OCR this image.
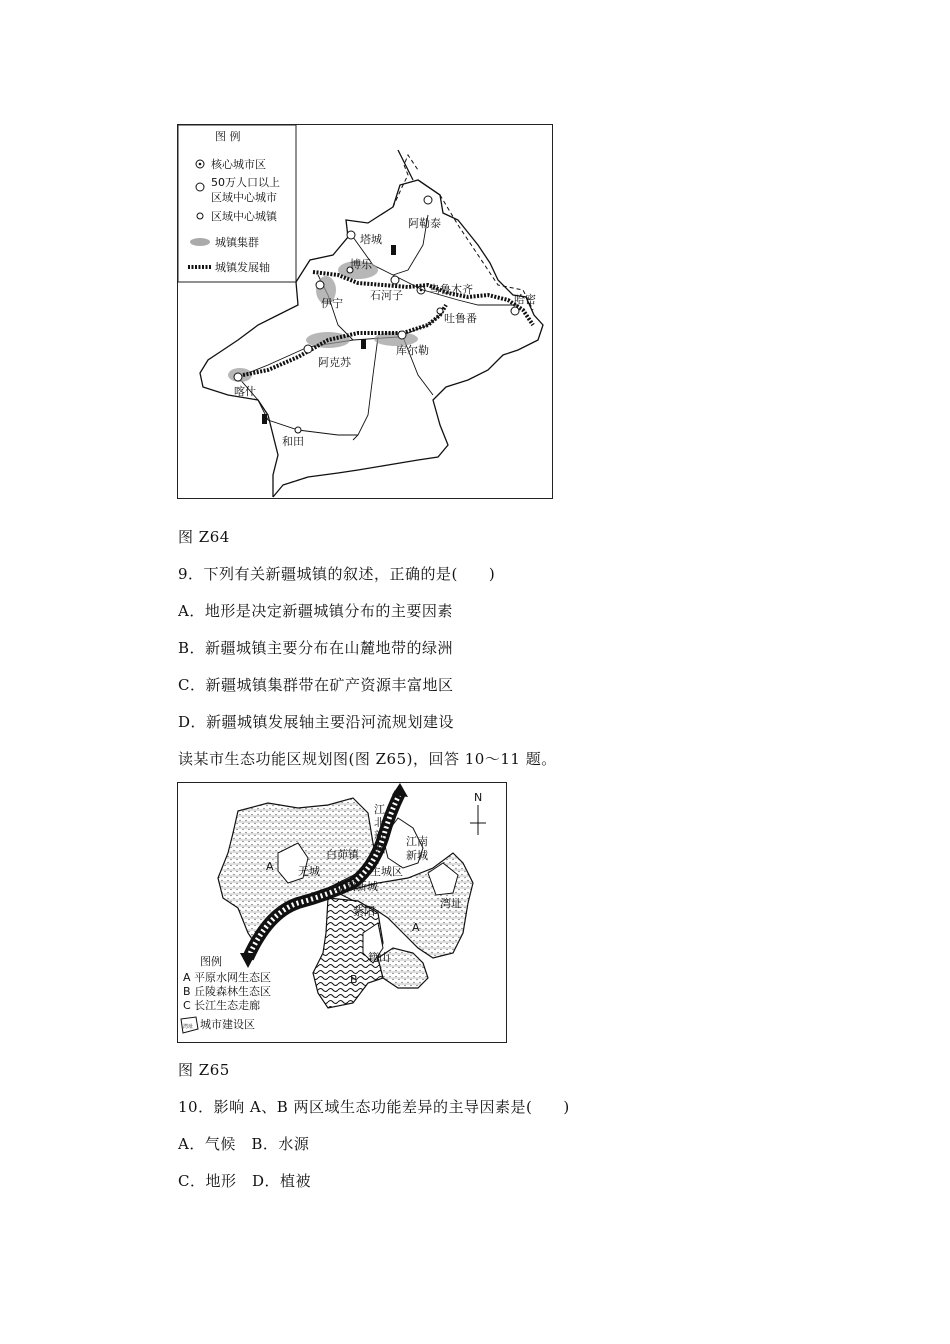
图 例
核心城市区
50万人口以上
区域中心城市
区域中心城镇
城镇集群
城镇发展轴
塔城
阿勒泰
博乐
伊宁
石河子 乌鲁木齐
哈密
吐鲁番
库尔勒
阿克苏
喀什
和田
图 Z64
9．下列有关新疆城镇的叙述，正确的是(　　)
A．地形是决定新疆城镇分布的主要因素
B．新疆城镇主要分布在山麓地带的绿洲
C．新疆城镇集群带在矿产资源丰富地区
D．新疆城镇发展轴主要沿河流规划建设
读某市生态功能区规划图(图 Z65)，回答 10～11 题。
N
江
北
新
城
江南
新城
白茆镇
无城	主城区
龙湖新城
紫阳
湾址
A
A
B
籍山
图例
A 平原水网生态区
B 丘陵森林生态区
C 长江生态走廊
湾址 城市建设区
图 Z65
10．影响 A、B 两区域生态功能差异的主导因素是(　　)
A．气候　B．水源
C．地形　D．植被
